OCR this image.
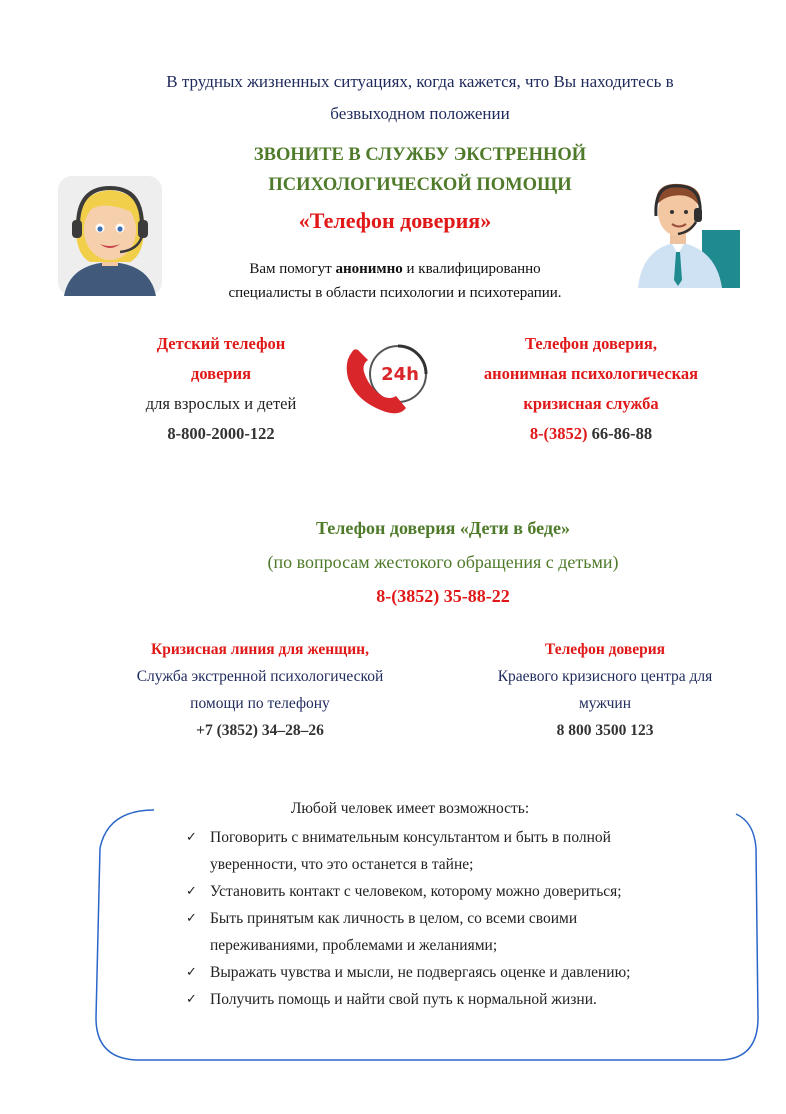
В трудных жизненных ситуациях, когда кажется, что Вы находитесь в
безвыходном положении
ЗВОНИТЕ В СЛУЖБУ ЭКСТРЕННОЙ
ПСИХОЛОГИЧЕСКОЙ ПОМОЩИ
«Телефон доверия»
Вам помогут анонимно и квалифицированно
специалисты в области психологии и психотерапии.
Детский телефон
доверия
для взрослых и детей
8-800-2000-122
24h
Телефон доверия,
анонимная психологическая
кризисная служба
8-(3852) 66-86-88
Телефон доверия «Дети в беде»
(по вопросам жестокого обращения с детьми)
8-(3852) 35-88-22
Кризисная линия для женщин,
Служба экстренной психологической
помощи по телефону
+7 (3852) 34–28–26
Телефон доверия
Краевого кризисного центра для
мужчин
8 800 3500 123
Любой человек имеет возможность:
✓ Поговорить с внимательным консультантом и быть в полной
уверенности, что это останется в тайне;
✓ Установить контакт с человеком, которому можно довериться;
✓ Быть принятым как личность в целом, со всеми своими
переживаниями, проблемами и желаниями;
✓ Выражать чувства и мысли, не подвергаясь оценке и давлению;
✓ Получить помощь и найти свой путь к нормальной жизни.
